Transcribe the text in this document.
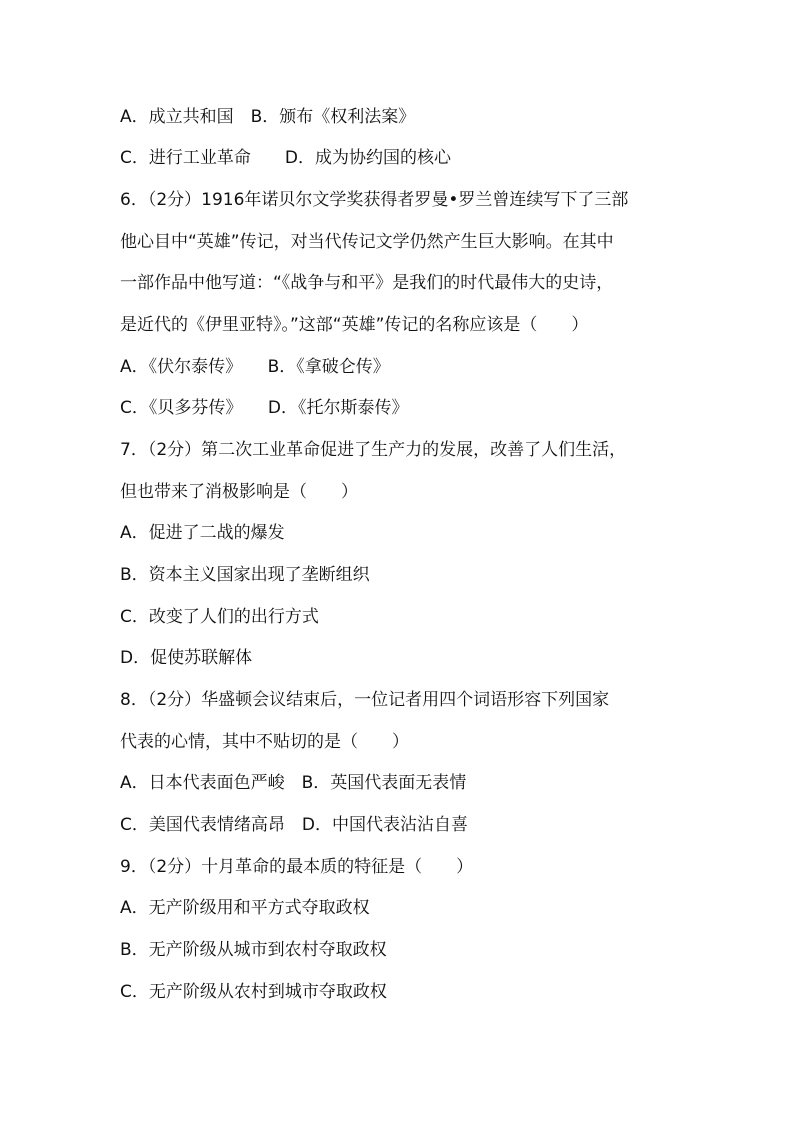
A．成立共和国　B．颁布《权利法案》
C．进行工业革命　　D．成为协约国的核心
6．（2分）1916年诺贝尔文学奖获得者罗曼•罗兰曾连续写下了三部
他心目中“英雄”传记，对当代传记文学仍然产生巨大影响。在其中
一部作品中他写道：“《战争与和平》是我们的时代最伟大的史诗，
是近代的《伊里亚特》。”这部“英雄”传记的名称应该是（　　）
A．《伏尔泰传》　　B．《拿破仑传》
C．《贝多芬传》　　D．《托尔斯泰传》
7．（2分）第二次工业革命促进了生产力的发展，改善了人们生活，
但也带来了消极影响是（　　）
A．促进了二战的爆发
B．资本主义国家出现了垄断组织
C．改变了人们的出行方式
D．促使苏联解体
8．（2分）华盛顿会议结束后，一位记者用四个词语形容下列国家
代表的心情，其中不贴切的是（　　）
A．日本代表面色严峻　B．英国代表面无表情
C．美国代表情绪高昂　D．中国代表沾沾自喜
9．（2分）十月革命的最本质的特征是（　　）
A．无产阶级用和平方式夺取政权
B．无产阶级从城市到农村夺取政权
C．无产阶级从农村到城市夺取政权
